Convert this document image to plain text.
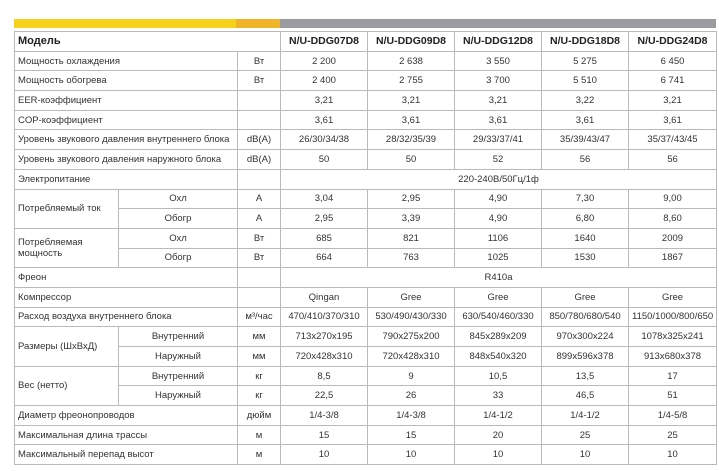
Модель			N/U-DDG07D8	N/U-DDG09D8	N/U-DDG12D8	N/U-DDG18D8	N/U-DDG24D8
Мощность охлаждения		Вт	2 200	2 638	3 550	5 275	6 450
Мощность обогрева		Вт	2 400	2 755	3 700	5 510	6 741
EER-коэффициент			3,21	3,21	3,21	3,22	3,21
COP-коэффициент			3,61	3,61	3,61	3,61	3,61
Уровень звукового давления внутреннего блока		dB(A)	26/30/34/38	28/32/35/39	29/33/37/41	35/39/43/47	35/37/43/45
Уровень звукового давления наружного блока		dB(A)	50	50	52	56	56
Электропитание			220-240В/50Гц/1ф				
Потребляемый ток	Охл	А	3,04	2,95	4,90	7,30	9,00
	Обогр	А	2,95	3,39	4,90	6,80	8,60
Потребляемая мощность	Охл	Вт	685	821	1106	1640	2009
	Обогр	Вт	664	763	1025	1530	1867
Фреон			R410a				
Компрессор			Qingan	Gree	Gree	Gree	Gree
Расход воздуха внутреннего блока		м³/час	470/410/370/310	530/490/430/330	630/540/460/330	850/780/680/540	1150/1000/800/650
Размеры (ШхВхД)	Внутренний	мм	713x270x195	790x275x200	845x289x209	970x300x224	1078x325x241
	Наружный	мм	720x428x310	720x428x310	848x540x320	899x596x378	913x680x378
Вес (нетто)	Внутренний	кг	8,5	9	10,5	13,5	17
	Наружный	кг	22,5	26	33	46,5	51
Диаметр фреонопроводов		дюйм	1/4-3/8	1/4-3/8	1/4-1/2	1/4-1/2	1/4-5/8
Максимальная длина трассы		м	15	15	20	25	25
Максимальный перепад высот		м	10	10	10	10	10
